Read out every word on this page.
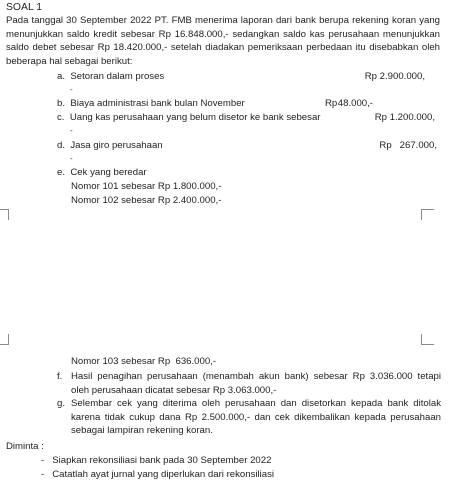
SOAL 1
Pada tanggal 30 September 2022 PT. FMB menerima laporan dari bank berupa rekening koran yang menunjukkan saldo kredit sebesar Rp 16.848.000,- sedangkan saldo kas perusahaan menunjukkan saldo debet sebesar Rp 18.420.000,- setelah diadakan pemeriksaan perbedaan itu disebabkan oleh beberapa hal sebagai berikut:
a. Setoran dalam proses	Rp 2.900.000,
-
b. Biaya administrasi bank bulan November	Rp 48.000,-
c. Uang kas perusahaan yang belum disetor ke bank sebesar	Rp 1.200.000,
-
d. Jasa giro perusahaan	Rp   267.000,
-
e. Cek yang beredar
Nomor 101 sebesar Rp 1.800.000,-
Nomor 102 sebesar Rp 2.400.000,-
Nomor 103 sebesar Rp  636.000,-
f. Hasil penagihan perusahaan (menambah akun bank) sebesar Rp 3.036.000 tetapi oleh perusahaan dicatat sebesar Rp 3.063.000,-
g. Selembar cek yang diterima oleh perusahaan dan disetorkan kepada bank ditolak karena tidak cukup dana Rp 2.500.000,- dan cek dikembalikan kepada perusahaan sebagai lampiran rekening koran.
Diminta :
- Siapkan rekonsiliasi bank pada 30 September 2022
- Catatlah ayat jurnal yang diperlukan dari rekonsiliasi
